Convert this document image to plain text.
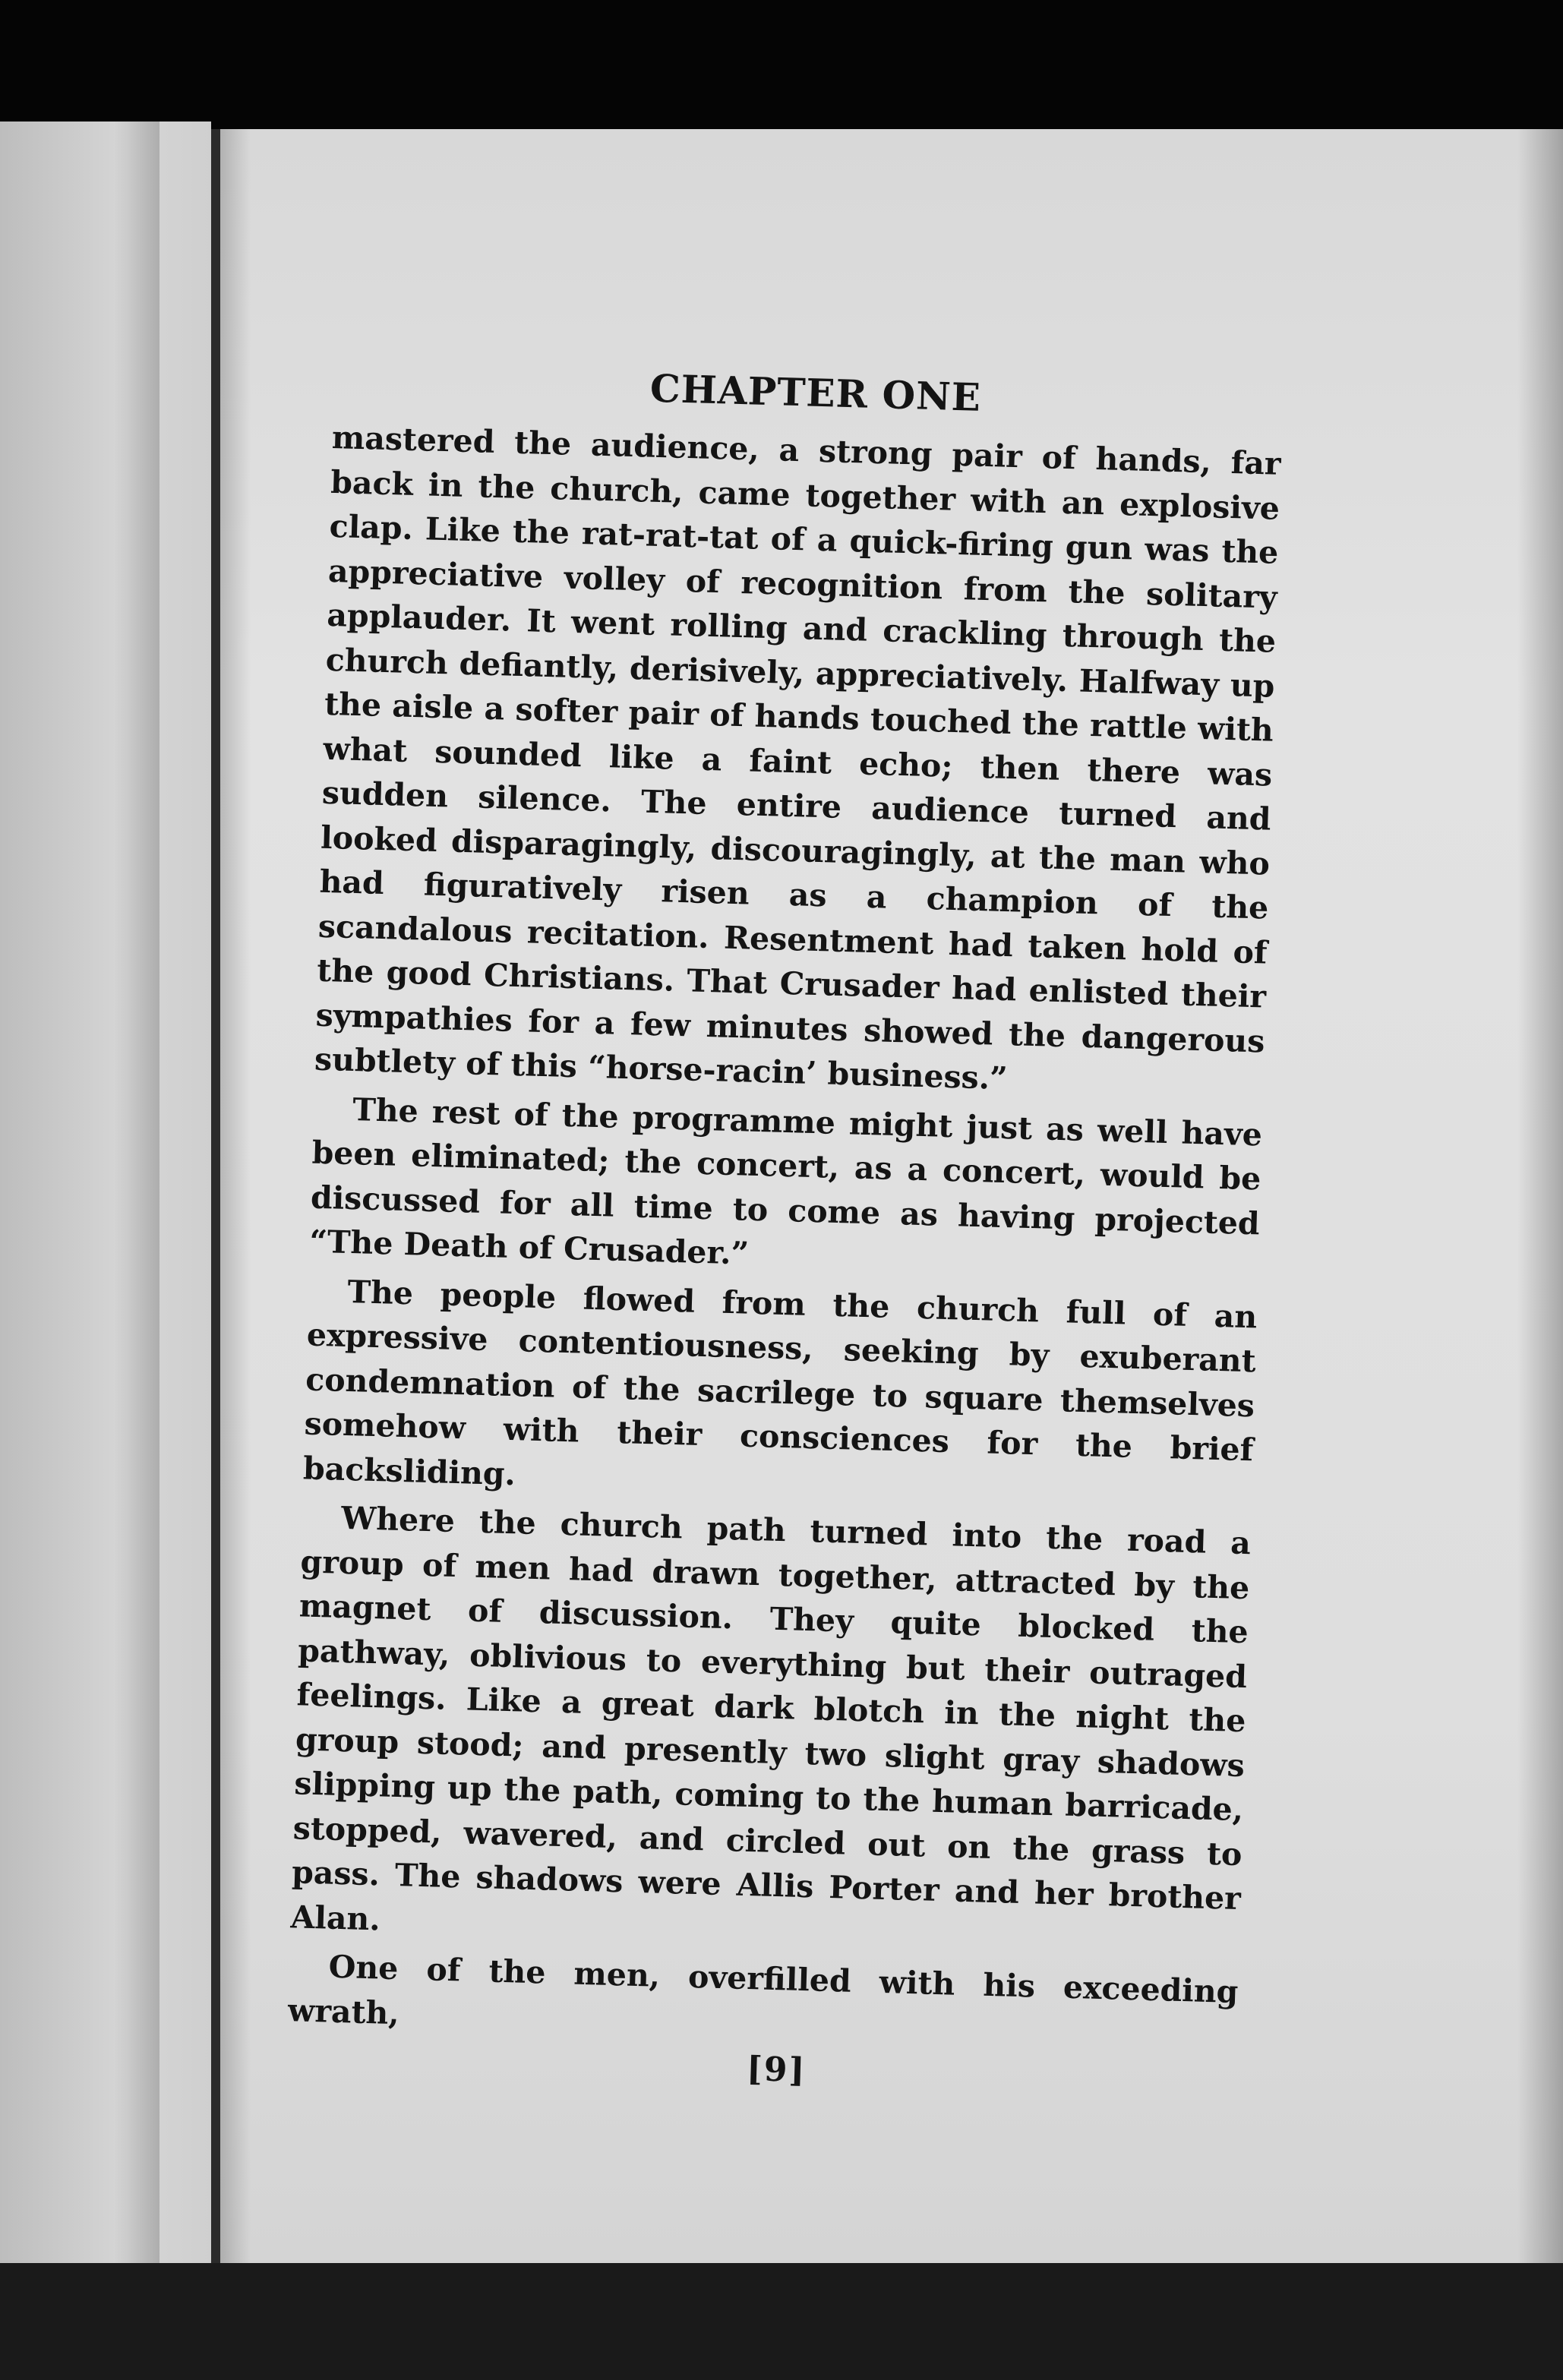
CHAPTER ONE

mastered the audience, a strong pair of hands, far back in the church, came together with an explosive clap. Like the rat-rat-tat of a quick-firing gun was the appreciative volley of recognition from the solitary applauder. It went rolling and crackling through the church defiantly, derisively, appreciatively. Halfway up the aisle a softer pair of hands touched the rattle with what sounded like a faint echo; then there was sudden silence. The entire audience turned and looked disparagingly, discouragingly, at the man who had figuratively risen as a champion of the scandalous recitation. Resentment had taken hold of the good Christians. That Crusader had enlisted their sympathies for a few minutes showed the dangerous subtlety of this “horse-racin’ business.”

The rest of the programme might just as well have been eliminated; the concert, as a concert, would be discussed for all time to come as having projected “The Death of Crusader.”

The people flowed from the church full of an expressive contentiousness, seeking by exuberant condemnation of the sacrilege to square themselves somehow with their consciences for the brief backsliding.

Where the church path turned into the road a group of men had drawn together, attracted by the magnet of discussion. They quite blocked the pathway, oblivious to everything but their outraged feelings. Like a great dark blotch in the night the group stood; and presently two slight gray shadows slipping up the path, coming to the human barricade, stopped, wavered, and circled out on the grass to pass. The shadows were Allis Porter and her brother Alan.

One of the men, overfilled with his exceeding wrath,

[9]
